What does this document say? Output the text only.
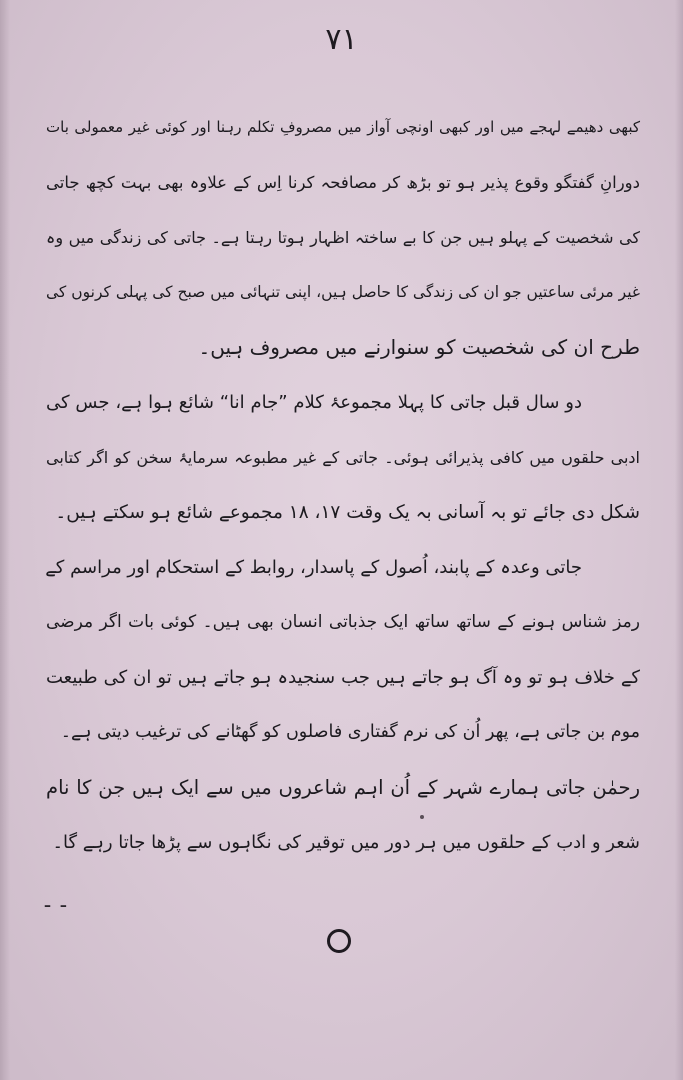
۷۱
کبھی دھیمے لہجے میں اور کبھی اونچی آواز میں مصروفِ تکلم رہنا اور کوئی غیر معمولی بات
دورانِ گفتگو وقوع پذیر ہو تو بڑھ کر مصافحہ کرنا اِس کے علاوہ بھی بہت کچھ جاتی
کی شخصیت کے پہلو ہیں جن کا بے ساختہ اظہار ہوتا رہتا ہے۔ جاتی کی زندگی میں وہ
غیر مرئی ساعتیں جو ان کی زندگی کا حاصل ہیں، اپنی تنہائی میں صبح کی پہلی کرنوں کی
طرح ان کی شخصیت کو سنوارنے میں مصروف ہیں۔
دو سال قبل جاتی کا پہلا مجموعۂ کلام ”جام انا“ شائع ہوا ہے، جس کی
ادبی حلقوں میں کافی پذیرائی ہوئی۔ جاتی کے غیر مطبوعہ سرمایۂ سخن کو اگر کتابی
شکل دی جائے تو بہ آسانی بہ یک وقت ۱۷، ۱۸ مجموعے شائع ہو سکتے ہیں۔
جاتی وعدہ کے پابند، اُصول کے پاسدار، روابط کے استحکام اور مراسم کے
رمز شناس ہونے کے ساتھ ساتھ ایک جذباتی انسان بھی ہیں۔ کوئی بات اگر مرضی
کے خلاف ہو تو وہ آگ ہو جاتے ہیں جب سنجیدہ ہو جاتے ہیں تو ان کی طبیعت
موم بن جاتی ہے، پھر اُن کی نرم گفتاری فاصلوں کو گھٹانے کی ترغیب دیتی ہے۔
رحمٰن جاتی ہمارے شہر کے اُن اہم شاعروں میں سے ایک ہیں جن کا نام
شعر و ادب کے حلقوں میں ہر دور میں توقیر کی نگاہوں سے پڑھا جاتا رہے گا۔
– –
